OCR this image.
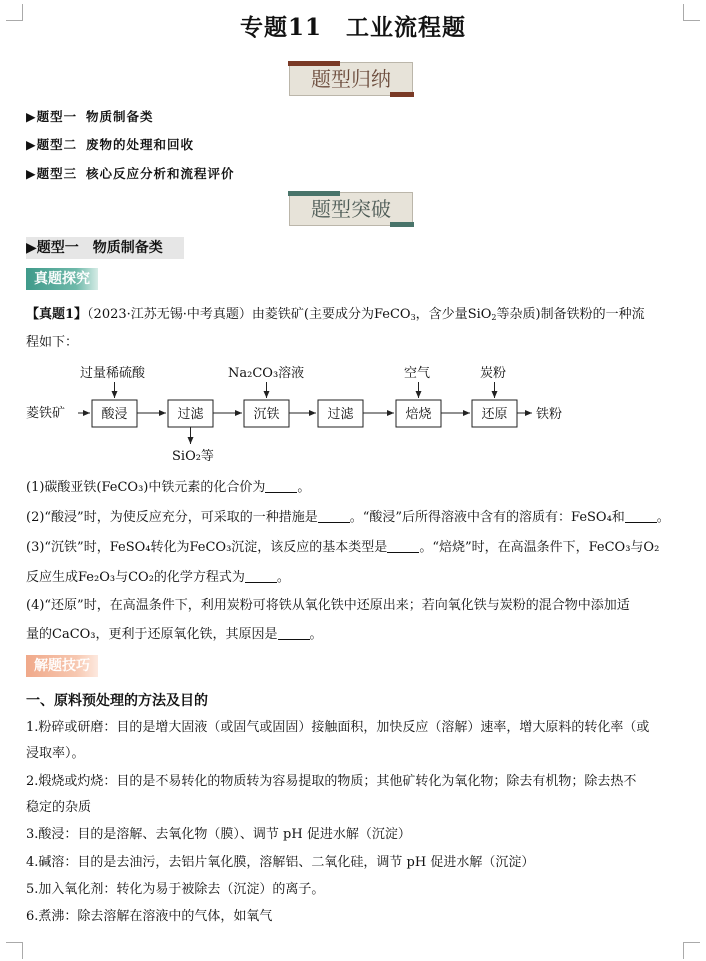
专题11　工业流程题
题型归纳
▶题型一 物质制备类
▶题型二 废物的处理和回收
▶题型三 核心反应分析和流程评价
题型突破
▶题型一　物质制备类
真题探究
【真题1】（2023·江苏无锡·中考真题）由菱铁矿(主要成分为FeCO$_3$，含少量SiO$_2$等杂质)制备铁粉的一种流
程如下：
菱铁矿	酸浸	过滤	沉铁	过滤	焙烧	还原 铁粉
过量稀硫酸	Na₂CO₃溶液	空气	炭粉
SiO₂等
(1)碳酸亚铁(FeCO₃)中铁元素的化合价为 。
(2)“酸浸”时，为使反应充分，可采取的一种措施是 。“酸浸”后所得溶液中含有的溶质有：FeSO₄和 。
(3)“沉铁”时，FeSO₄转化为FeCO₃沉淀，该反应的基本类型是 。“焙烧”时，在高温条件下，FeCO₃与O₂
反应生成Fe₂O₃与CO₂的化学方程式为 。
(4)“还原”时，在高温条件下，利用炭粉可将铁从氧化铁中还原出来；若向氧化铁与炭粉的混合物中添加适
量的CaCO₃，更利于还原氧化铁，其原因是 。
解题技巧
一、原料预处理的方法及目的
1.粉碎或研磨：目的是增大固液（或固气或固固）接触面积，加快反应（溶解）速率，增大原料的转化率（或
浸取率）。
2.煅烧或灼烧：目的是不易转化的物质转为容易提取的物质；其他矿转化为氧化物；除去有机物；除去热不
稳定的杂质
3.酸浸：目的是溶解、去氧化物（膜）、调节 pH 促进水解（沉淀）
4.碱溶：目的是去油污，去铝片氧化膜，溶解铝、二氧化硅，调节 pH 促进水解（沉淀）
5.加入氧化剂：转化为易于被除去（沉淀）的离子。
6.煮沸：除去溶解在溶液中的气体，如氧气
